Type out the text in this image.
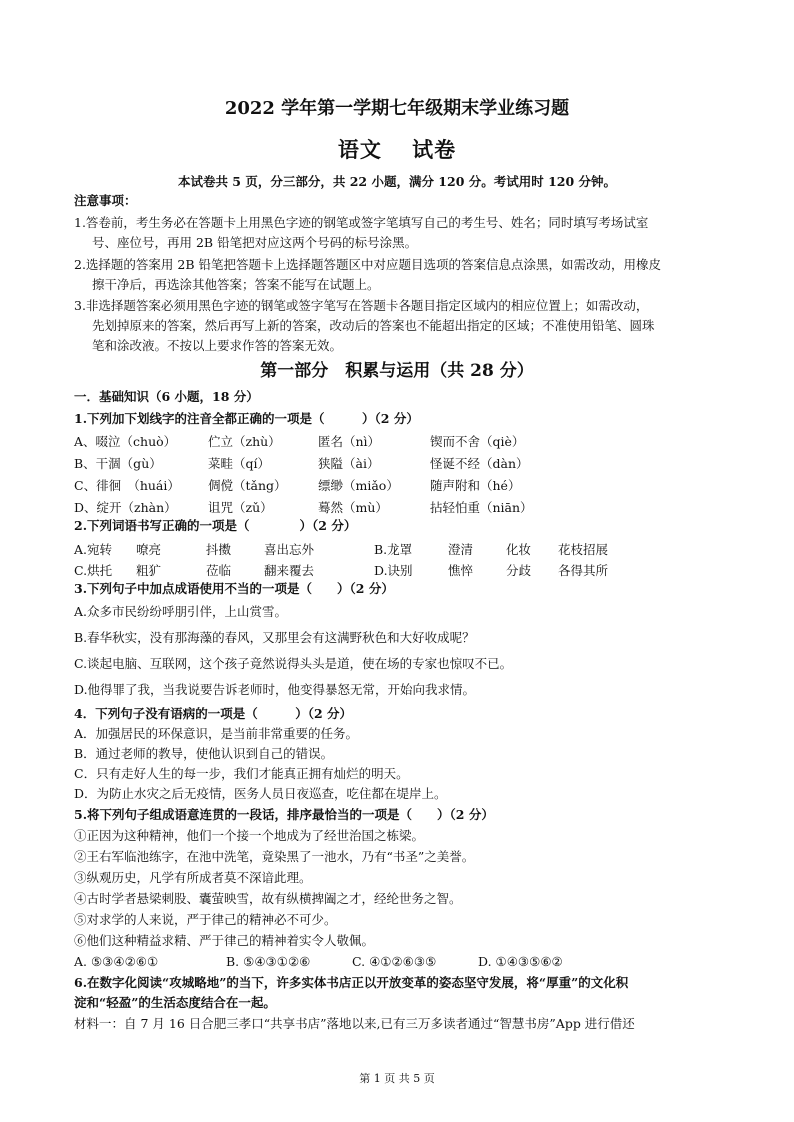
2022 学年第一学期七年级期末学业练习题
语文　 试卷
本试卷共 5 页，分三部分，共 22 小题，满分 120 分。考试用时 120 分钟。
注意事项：
1.答卷前，考生务必在答题卡上用黑色字迹的钢笔或签字笔填写自己的考生号、姓名；同时填写考场试室
号、座位号，再用 2B 铅笔把对应这两个号码的标号涂黑。
2.选择题的答案用 2B 铅笔把答题卡上选择题答题区中对应题目选项的答案信息点涂黑，如需改动，用橡皮
擦干净后，再选涂其他答案；答案不能写在试题上。
3.非选择题答案必须用黑色字迹的钢笔或签字笔写在答题卡各题目指定区域内的相应位置上；如需改动，
先划掉原来的答案，然后再写上新的答案，改动后的答案也不能超出指定的区域；不准使用铅笔、圆珠
笔和涂改液。不按以上要求作答的答案无效。
第一部分　积累与运用（共 28 分）
一．基础知识（6 小题，18 分）
1.下列加下划线字的注音全都正确的一项是（　　　）（2 分）
A、啜泣（chuò）	伫立（zhù）	匿名（nì）	锲而不舍（qiè）
B、干涸（gù）	菜畦（qí）	狭隘（ài）	怪诞不经（dàn）
C、徘徊　（huái） 倜傥（tǎng）	缥缈（miǎo） 随声附和（hé）
D、绽开（zhàn）	诅咒（zǔ）	蓦然（mù）	拈轻怕重（niān）
2.下列词语书写正确的一项是（　　　　）（2 分）
A.宛转 嘹亮	抖擞	喜出忘外	B.龙罩	澄清	化妆 花枝招展
C.烘托 粗犷	莅临	翻来覆去	D.诀别	憔悴	分歧 各得其所
3.下列句子中加点成语使用不当的一项是（　　）（2 分）
A.众多市民纷纷呼朋引伴，上山赏雪。
B.春华秋实，没有那海藻的春风，又那里会有这满野秋色和大好收成呢？
C.谈起电脑、互联网，这个孩子竟然说得头头是道，使在场的专家也惊叹不已。
D.他得罪了我，当我说要告诉老师时，他变得暴怒无常，开始向我求情。
4．下列句子没有语病的一项是（　　　）（2 分）
A．加强居民的环保意识，是当前非常重要的任务。
B．通过老师的教导，使他认识到自己的错误。
C．只有走好人生的每一步，我们才能真正拥有灿烂的明天。
D．为防止水灾之后无疫情，医务人员日夜巡查，吃住都在堤岸上。
5.将下列句子组成语意连贯的一段话，排序最恰当的一项是（　　）（2 分）
①正因为这种精神，他们一个接一个地成为了经世治国之栋梁。
②王右军临池练字，在池中洗笔，竟染黑了一池水，乃有“书圣”之美誉。
③纵观历史，凡学有所成者莫不深谙此理。
④古时学者悬梁刺股、囊萤映雪，故有纵横捭阖之才，经纶世务之智。
⑤对求学的人来说，严于律己的精神必不可少。
⑥他们这种精益求精、严于律己的精神着实令人敬佩。
A. ⑤③④②⑥①	B. ⑤④③①②⑥	C. ④①②⑥③⑤	D. ①④③⑤⑥②
6.在数字化阅读“攻城略地”的当下，许多实体书店正以开放变革的姿态坚守发展，将“厚重”的文化积
淀和“轻盈”的生活态度结合在一起。
材料一：自 7 月 16 日合肥三孝口“共享书店”落地以来,已有三万多读者通过“智慧书房”App 进行借还
第 1 页 共 5 页
